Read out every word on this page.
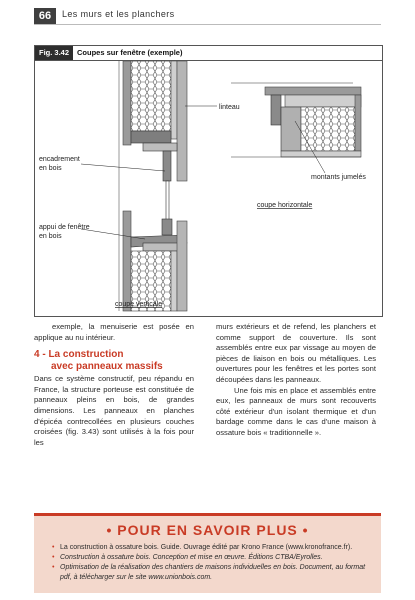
66	Les murs et les planchers
Fig. 3.42 Coupes sur fenêtre (exemple)
linteau
encadrement
en bois
appui de fenêtre
en bois
coupe verticale
montants jumelés
coupe horizontale

exemple, la menuiserie est posée en applique au nu intérieur.

4 - La construction
avec panneaux massifs

Dans ce système constructif, peu répandu en France, la structure porteuse est constituée de panneaux pleins en bois, de grandes dimensions. Les panneaux en planches d'épicéa contrecollées en plusieurs couches croisées (fig. 3.43) sont utilisés à la fois pour les

murs extérieurs et de refend, les planchers et comme support de couverture. Ils sont assemblés entre eux par vissage au moyen de pièces de liaison en bois ou métalliques. Les ouvertures pour les fenêtres et les portes sont découpées dans les panneaux.

Une fois mis en place et assemblés entre eux, les panneaux de murs sont recouverts côté extérieur d'un isolant thermique et d'un bardage comme dans le cas d'une maison à ossature bois « traditionnelle ».

• POUR EN SAVOIR PLUS •
• La construction à ossature bois. Guide. Ouvrage édité par Krono France (www.kronofrance.fr).
• Construction à ossature bois. Conception et mise en œuvre. Éditions CTBA/Eyrolles.
• Optimisation de la réalisation des chantiers de maisons individuelles en bois. Document, au format pdf, à télécharger sur le site www.unionbois.com.
